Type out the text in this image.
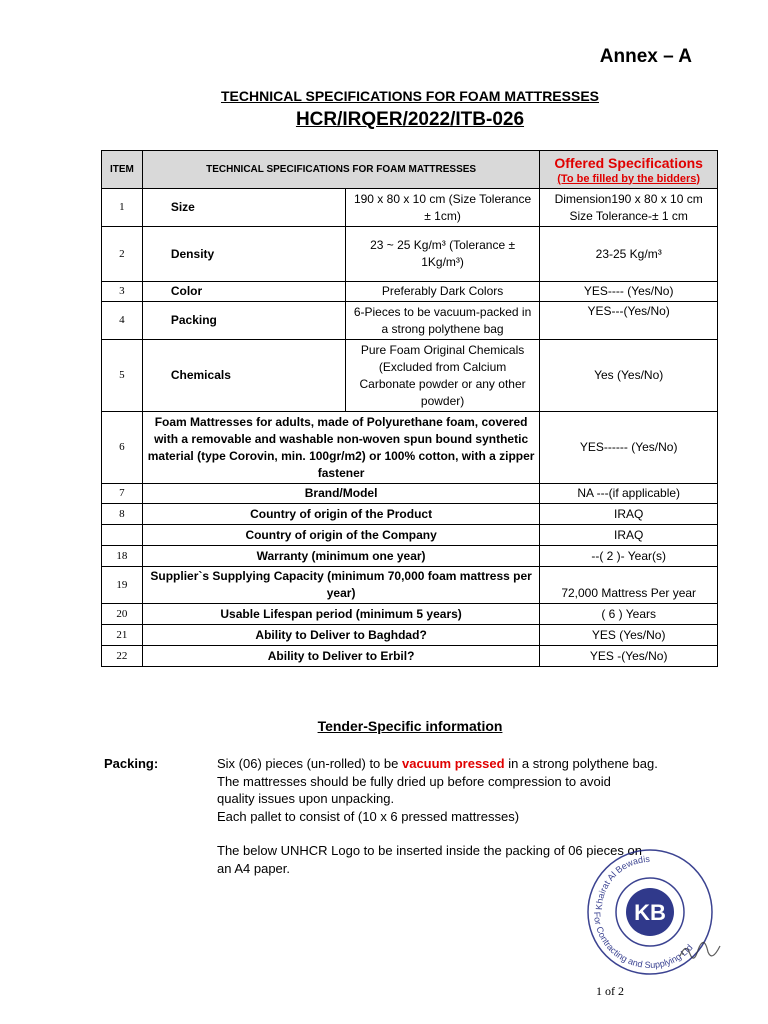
Annex – A
TECHNICAL SPECIFICATIONS FOR FOAM MATTRESSES
HCR/IRQER/2022/ITB-026
ITEM	TECHNICAL SPECIFICATIONS FOR FOAM MATTRESSES		Offered Specifications
(To be filled by the bidders)

1	Size	190 x 80 x 10 cm (Size Tolerance ± 1cm)	Dimension190 x 80 x 10 cm Size Tolerance-± 1 cm
2	Density	23 ~ 25 Kg/m³ (Tolerance ± 1Kg/m³)	23-25 Kg/m³
3	Color	Preferably Dark Colors	YES---- (Yes/No)
4	Packing	6-Pieces to be vacuum-packed in a strong polythene bag	YES---(Yes/No)
5	Chemicals	Pure Foam Original Chemicals (Excluded from Calcium Carbonate powder or any other powder)	Yes (Yes/No)
6	Foam Mattresses for adults, made of Polyurethane foam, covered with a removable and washable non-woven spun bound synthetic material (type Corovin, min. 100gr/m2) or 100% cotton, with a zipper fastener		YES------ (Yes/No)
7	Brand/Model		NA ---(if applicable)
8	Country of origin of the Product		IRAQ
	Country of origin of the Company		IRAQ
18	Warranty (minimum one year)		--( 2 )- Year(s)
19	Supplier`s Supplying Capacity (minimum 70,000 foam mattress per year)		72,000 Mattress Per year
20	Usable Lifespan period (minimum 5 years)		( 6 ) Years
21	Ability to Deliver to Baghdad?		YES (Yes/No)
22	Ability to Deliver to Erbil?		YES -(Yes/No)
Tender-Specific information
Packing:	Six (06) pieces (un-rolled) to be vacuum pressed in a strong polythene bag.

The mattresses should be fully dried up before compression to avoid

quality issues upon unpacking.

Each pallet to consist of (10 x 6 pressed mattresses)

The below UNHCR Logo to be inserted inside the packing of 06 pieces on

an A4 paper.

KB
Khairat Al Bewadis
For Contracting and Supplying Ltd
1 of 2
